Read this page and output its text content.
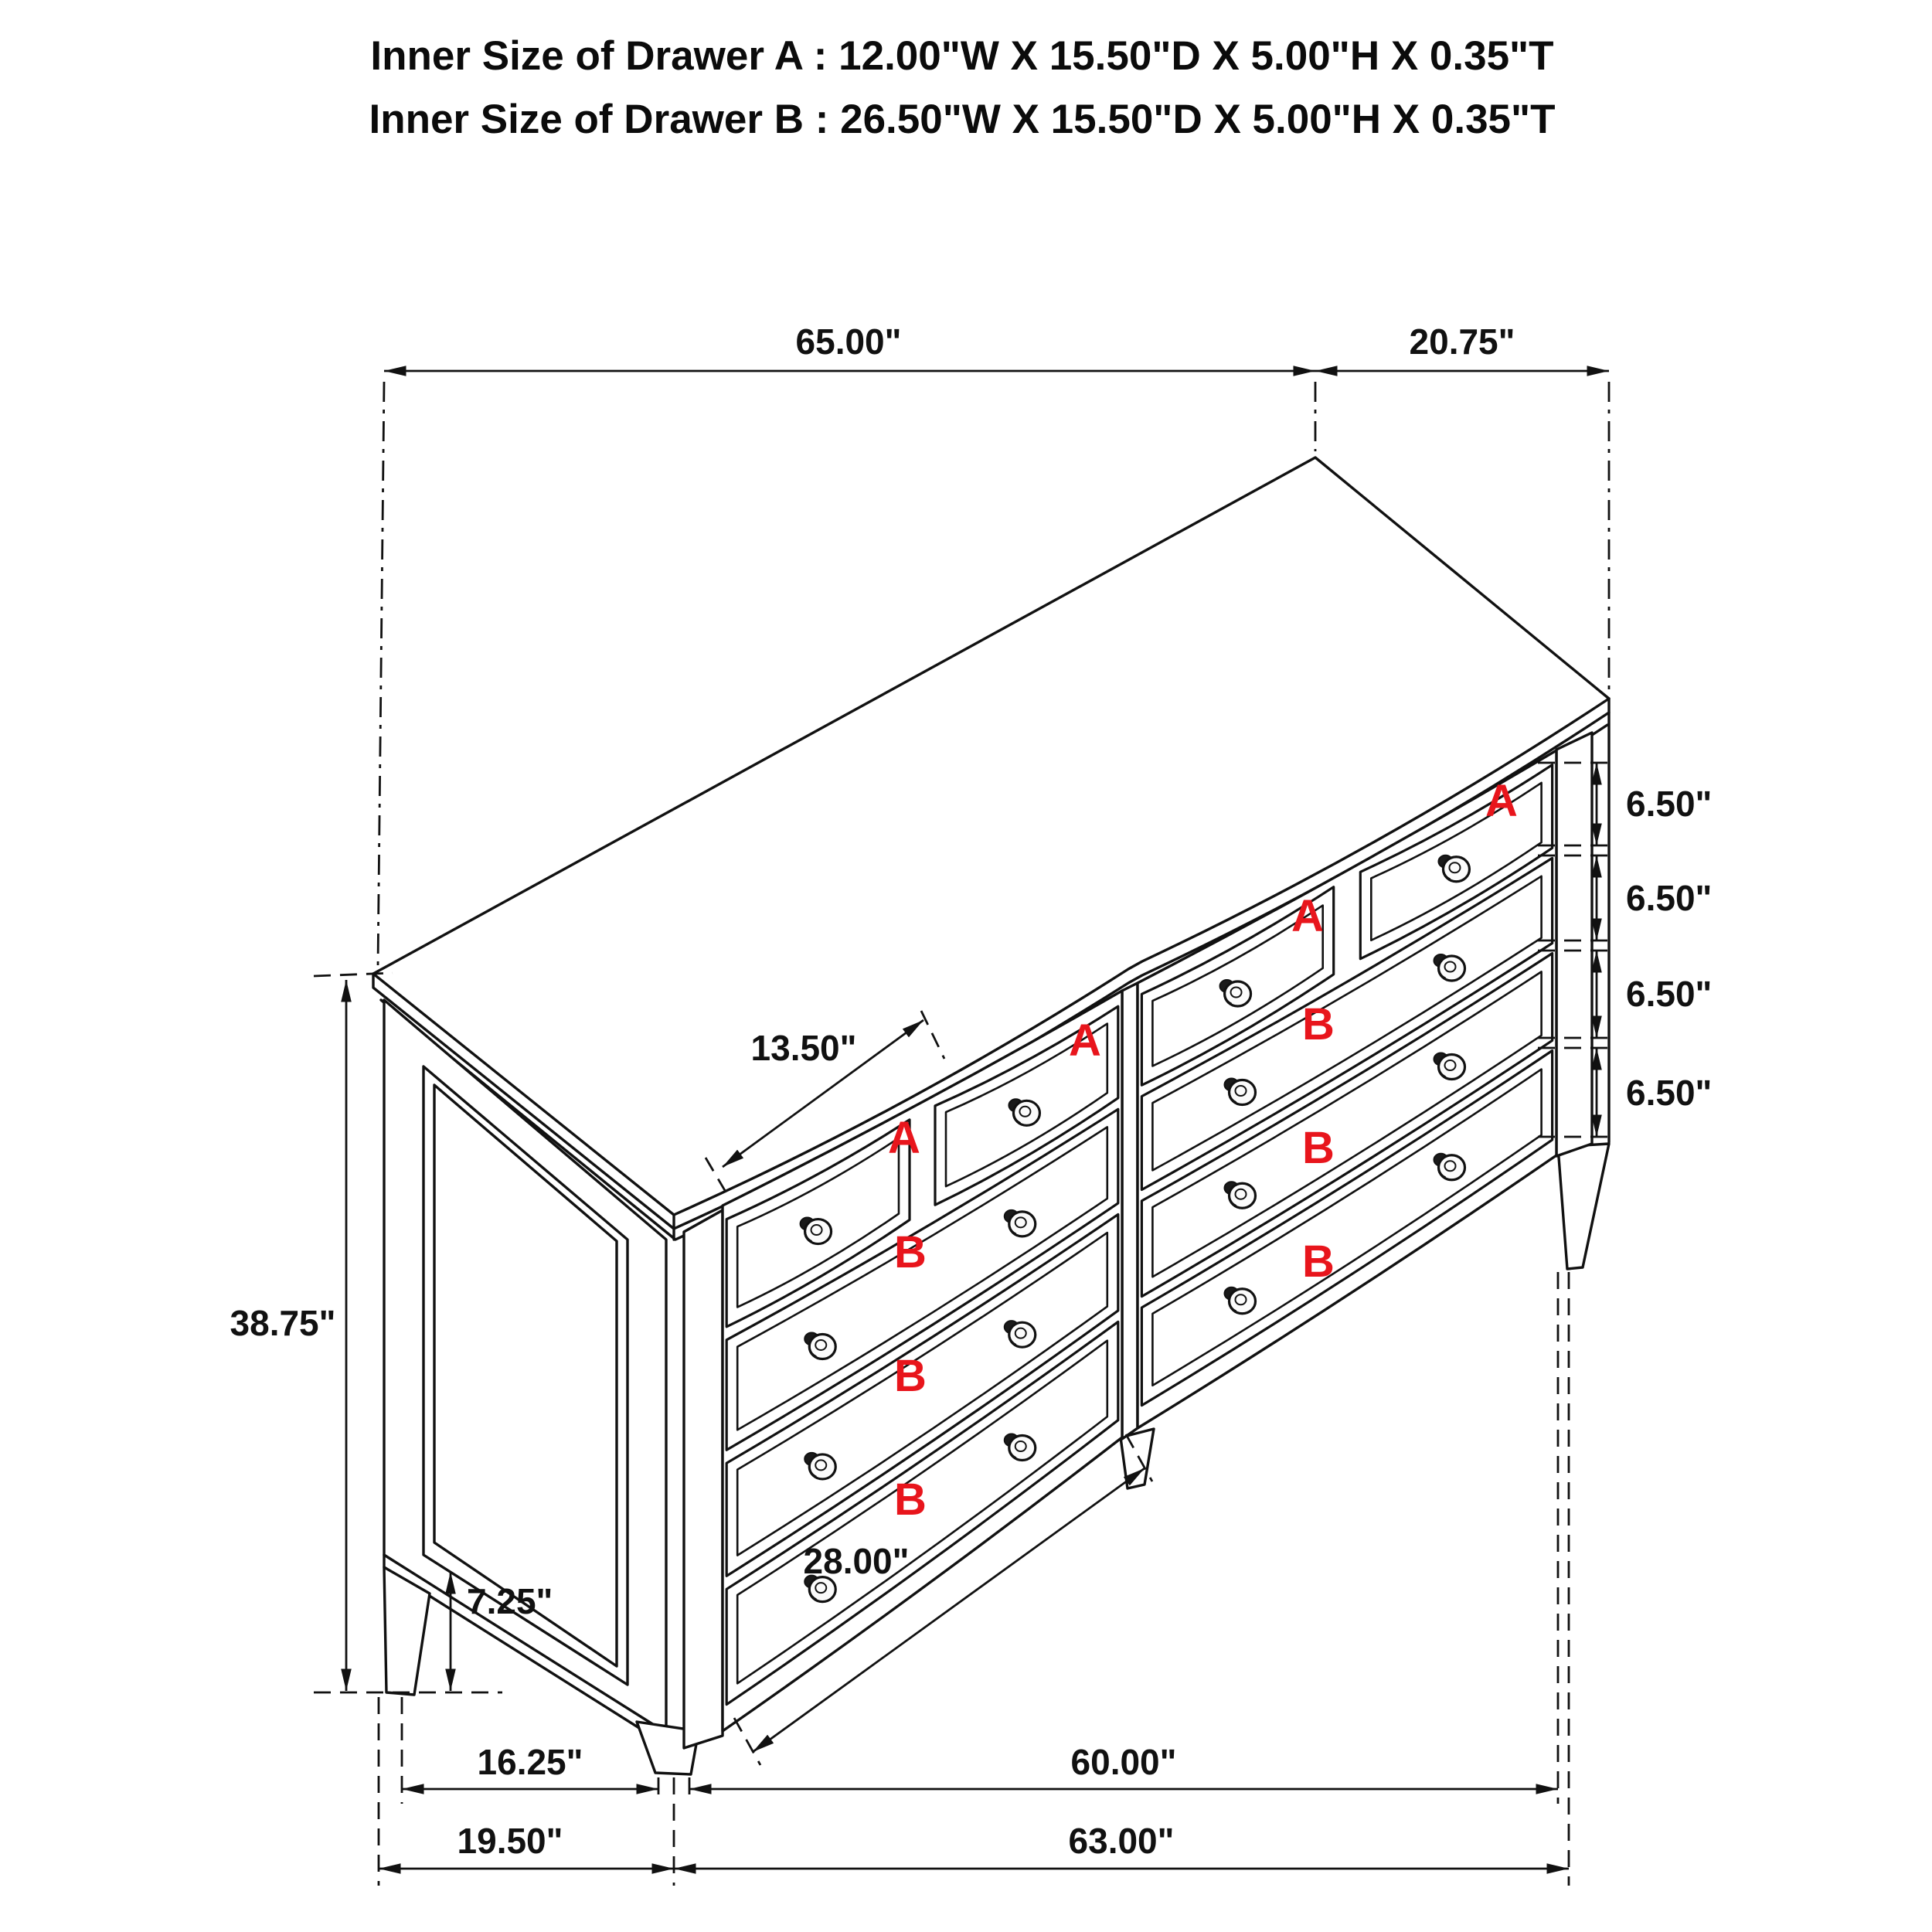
Inner Size of Drawer A : 12.00"W X 15.50"D X 5.00"H X 0.35"T
Inner Size of Drawer B : 26.50"W X 15.50"D X 5.00"H X 0.35"T
65.00"	20.75"
6.50"
6.50"
6.50"
6.50"
13.50"
38.75"
7.25"
16.25"
19.50"
28.00"
60.00"
63.00"
A
A
A
A
B
B
B
B
B
B
